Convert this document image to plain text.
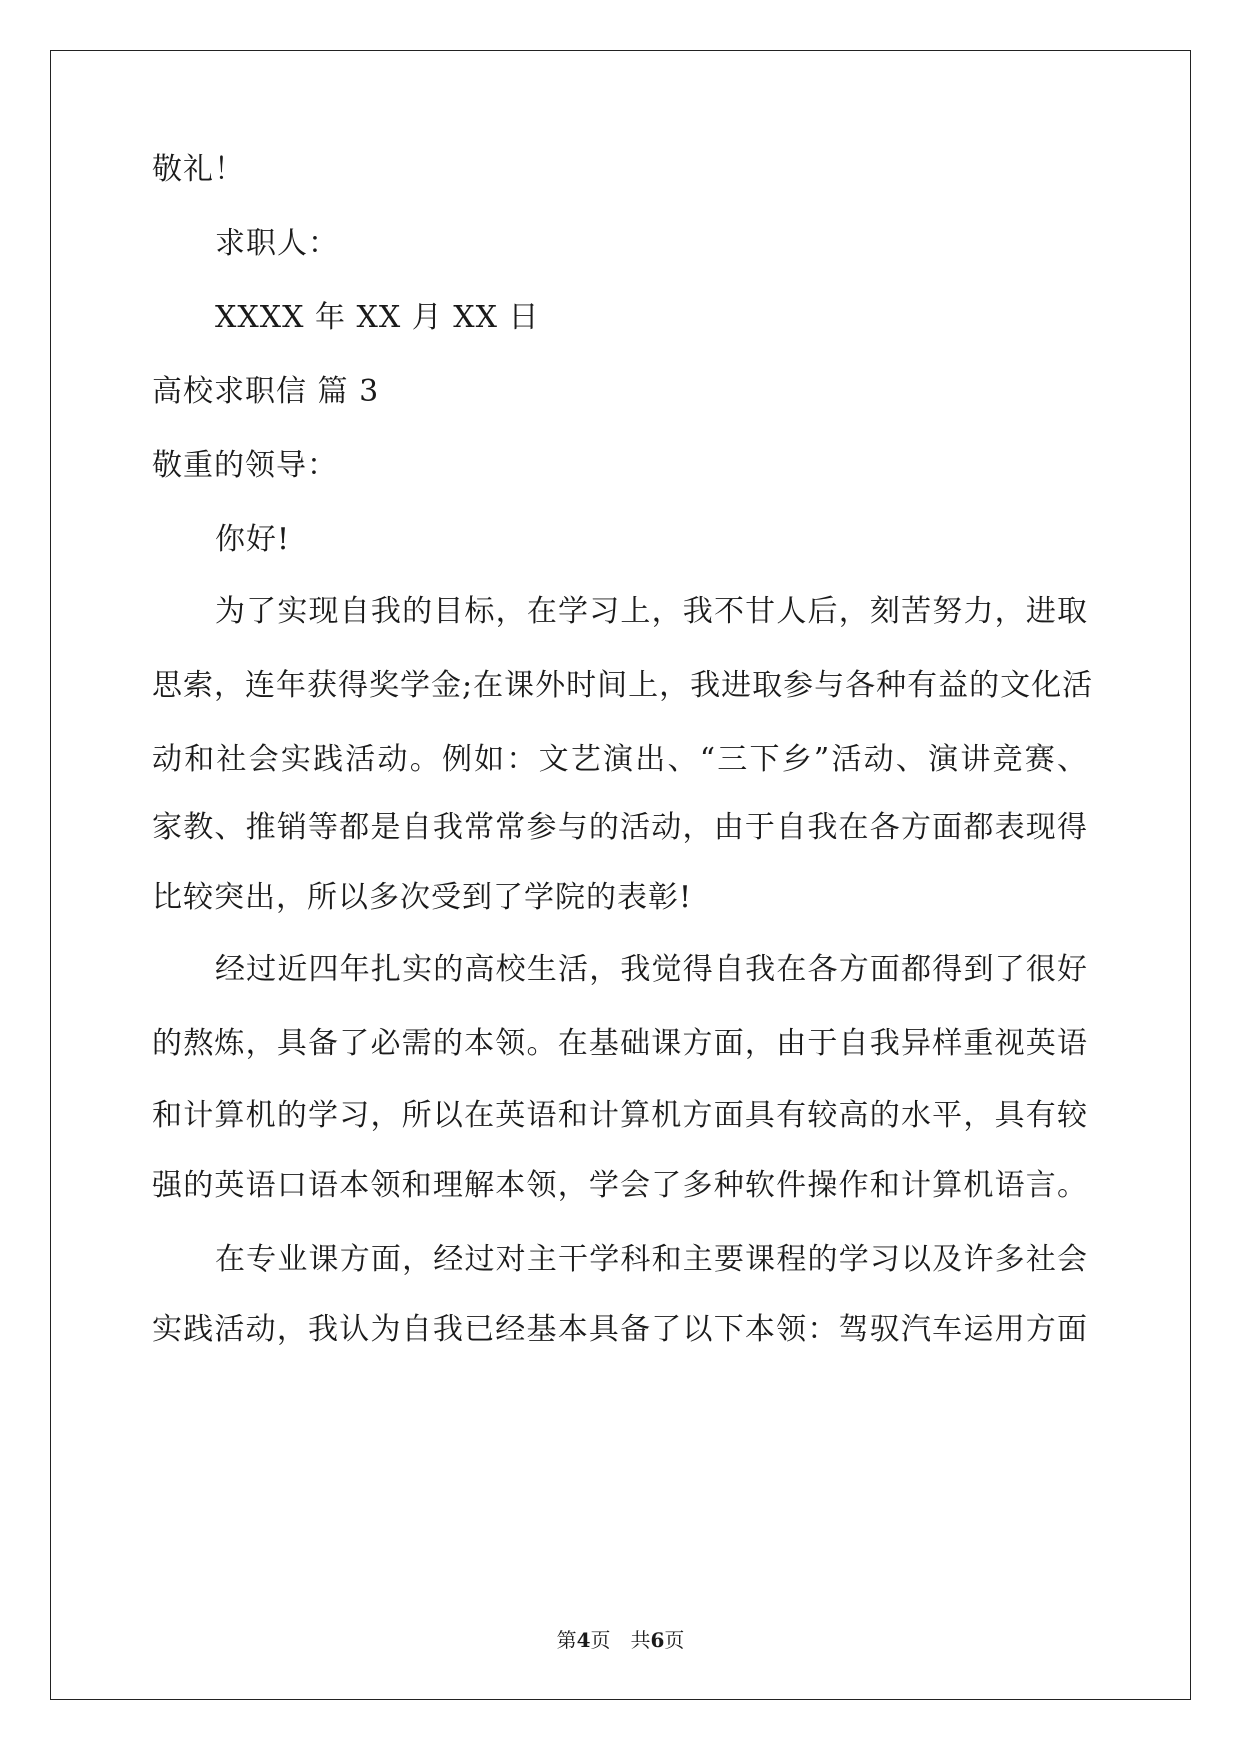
敬礼！
求职人：
XXXX 年 XX 月 XX 日
高校求职信 篇 3
敬重的领导：
你好!
为了实现自我的目标，在学习上，我不甘人后，刻苦努力，进取
思索，连年获得奖学金;在课外时间上，我进取参与各种有益的文化活
动和社会实践活动。例如：文艺演出、“三下乡”活动、演讲竞赛、
家教、推销等都是自我常常参与的活动，由于自我在各方面都表现得
比较突出，所以多次受到了学院的表彰!
经过近四年扎实的高校生活，我觉得自我在各方面都得到了很好
的熬炼，具备了必需的本领。在基础课方面，由于自我异样重视英语
和计算机的学习，所以在英语和计算机方面具有较高的水平，具有较
强的英语口语本领和理解本领，学会了多种软件操作和计算机语言。
在专业课方面，经过对主干学科和主要课程的学习以及许多社会
实践活动，我认为自我已经基本具备了以下本领：驾驭汽车运用方面
第4页　共6页
